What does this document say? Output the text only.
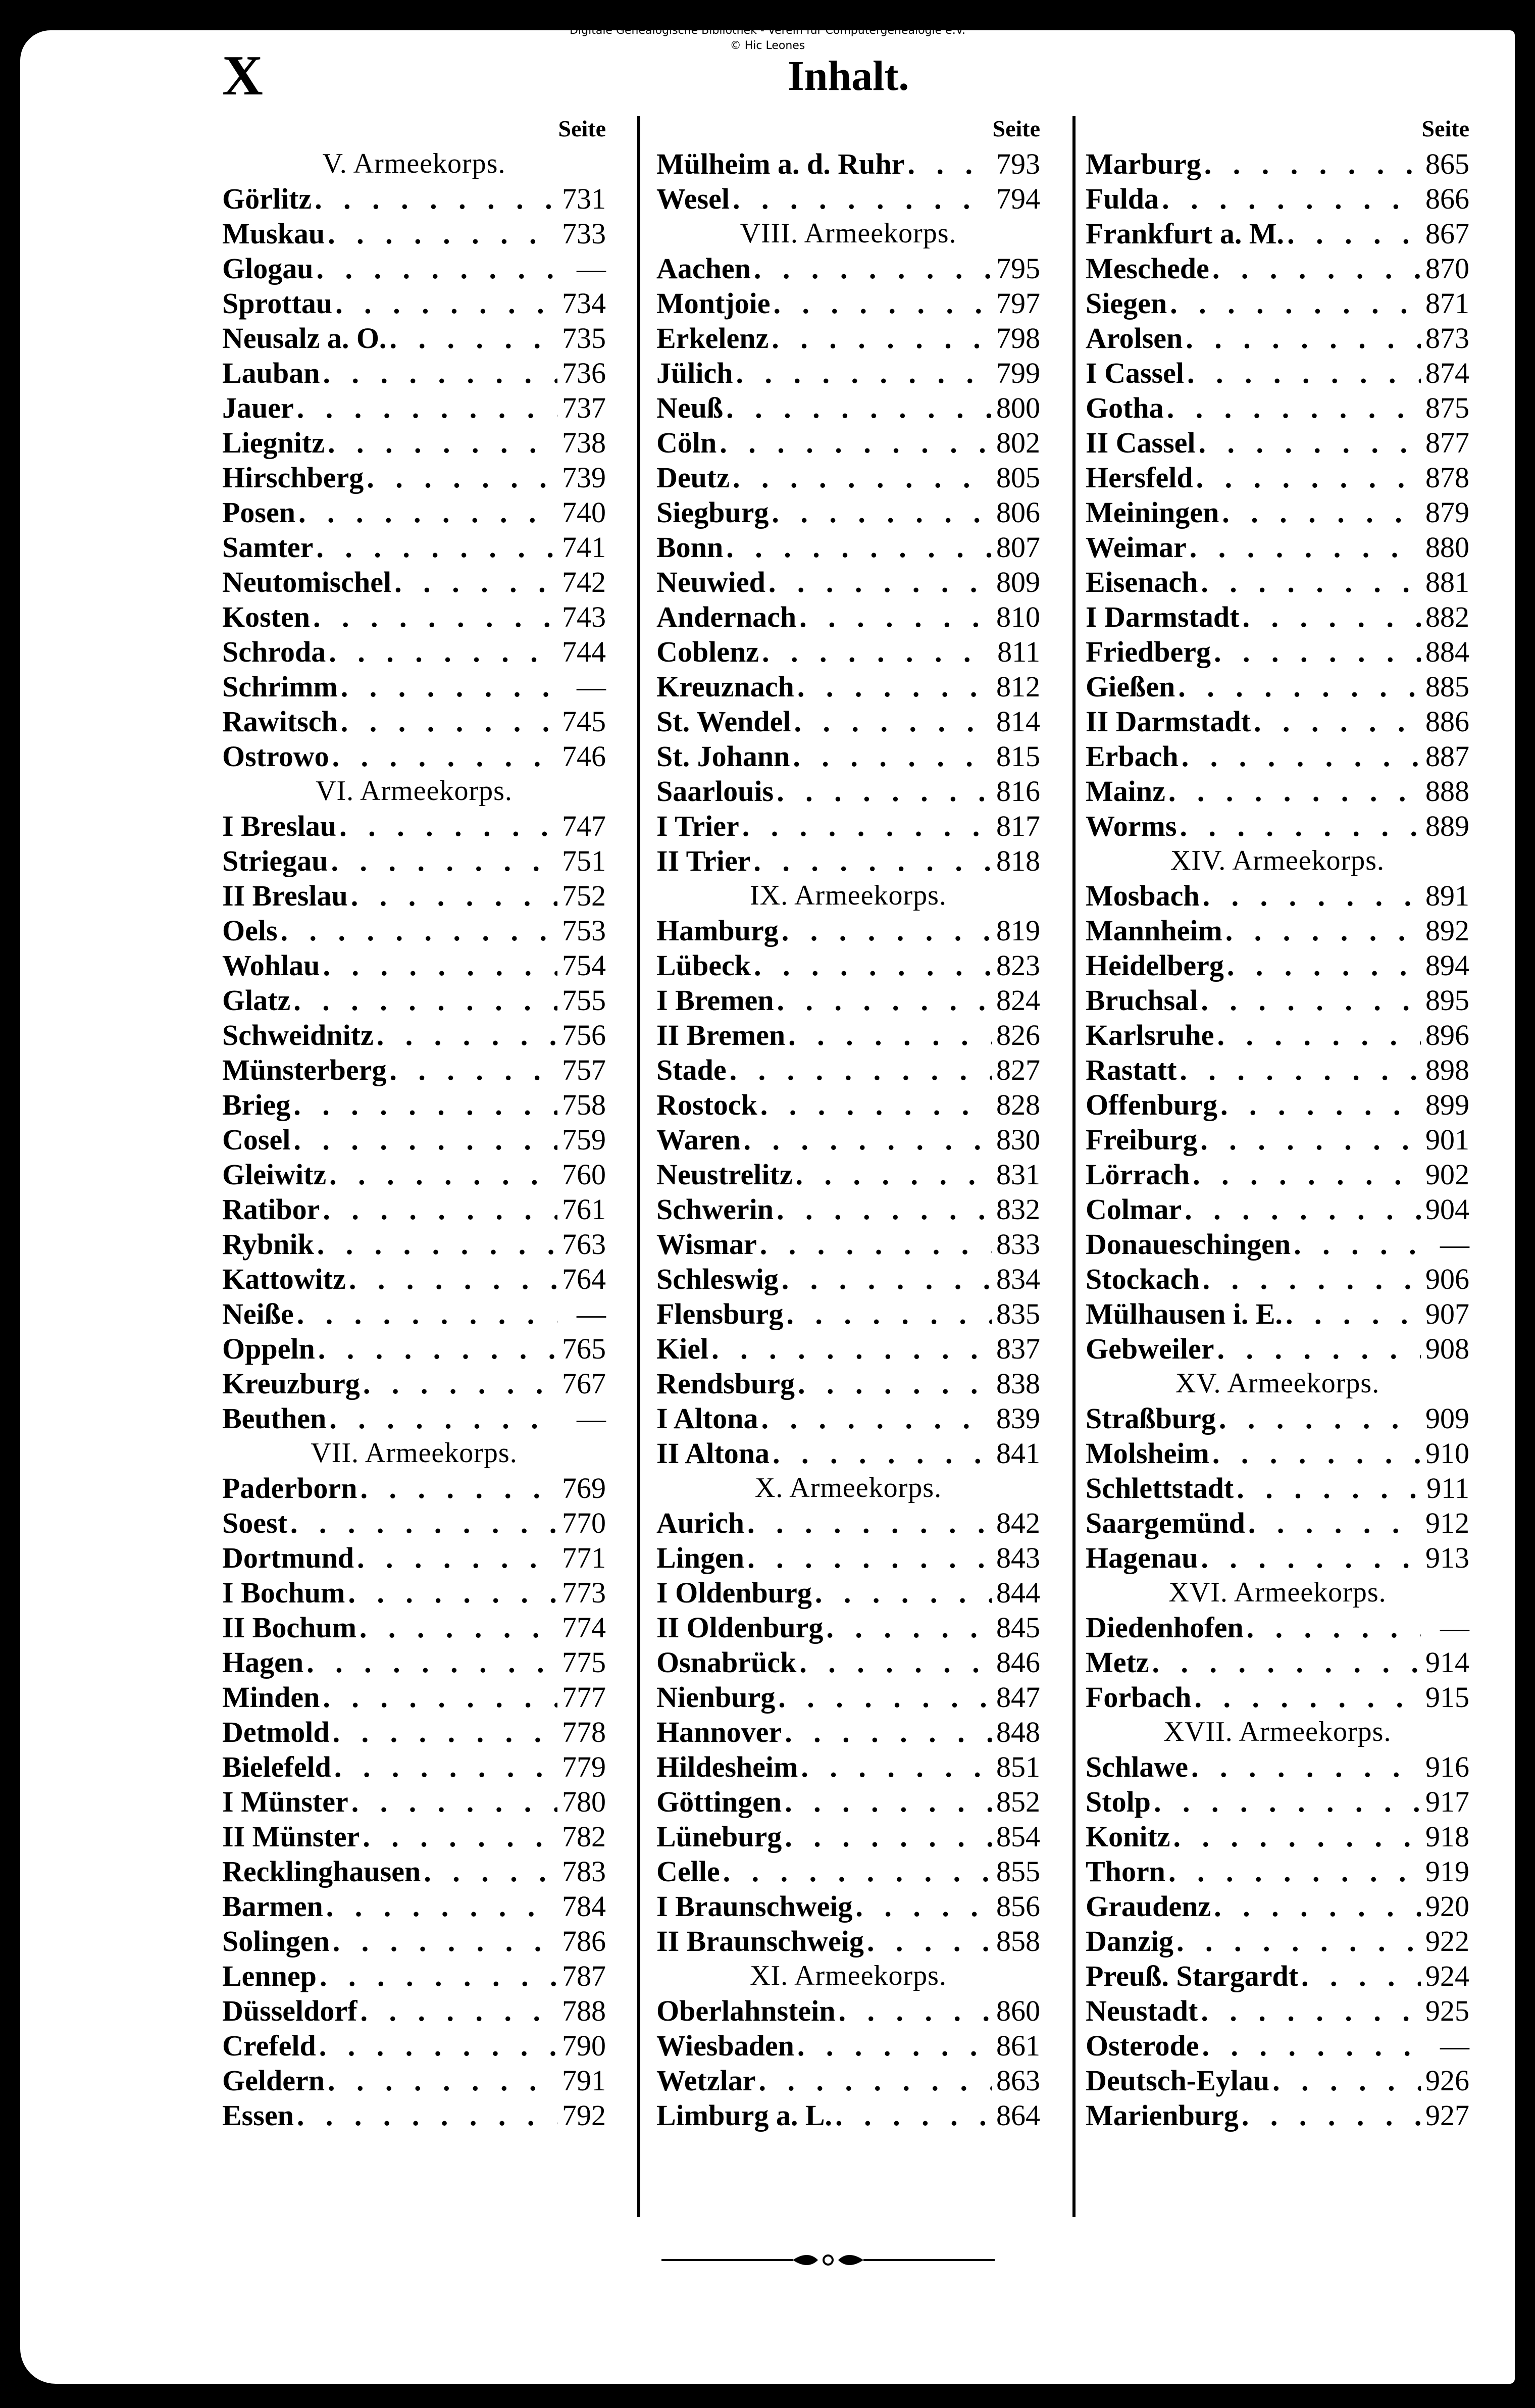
Digitale Genealogische Bibliothek - Verein für Computergenealogie e.V.
© Hic Leones
X	Inhalt.
Seite
V. Armeekorps.
Görlitz . . .	731
Muskau . . .	733
Glogau . . .	—
Sprottau . . .	734
Neusalz a. O. . . .	735
Lauban . . .	736
Jauer . . .	737
Liegnitz . . .	738
Hirschberg . . .	739
Posen . . .	740
Samter . . .	741
Neutomischel . . .	742
Kosten . . .	743
Schroda . . .	744
Schrimm . . .	—
Rawitsch . . .	745
Ostrowo . . .	746
VI. Armeekorps.
I Breslau . . .	747
Striegau . . .	751
II Breslau . . .	752
Oels . . .	753
Wohlau . . .	754
Glatz . . .	755
Schweidnitz . . .	756
Münsterberg . . .	757
Brieg . . .	758
Cosel . . .	759
Gleiwitz . . .	760
Ratibor . . .	761
Rybnik . . .	763
Kattowitz . . .	764
Neiße . . .	—
Oppeln . . .	765
Kreuzburg . . .	767
Beuthen . . .	—
VII. Armeekorps.
Paderborn . . .	769
Soest . . .	770
Dortmund . . .	771
I Bochum . . .	773
II Bochum . . .	774
Hagen . . .	775
Minden . . .	777
Detmold . . .	778
Bielefeld . . .	779
I Münster . . .	780
II Münster . . .	782
Recklinghausen . . .	783
Barmen . . .	784
Solingen . . .	786
Lennep . . .	787
Düsseldorf . . .	788
Crefeld . . .	790
Geldern . . .	791
Essen . . .	792
Seite
Mülheim a. d. Ruhr . . .	793
Wesel . . .	794
VIII. Armeekorps.
Aachen . . .	795
Montjoie . . .	797
Erkelenz . . .	798
Jülich . . .	799
Neuß . . .	800
Cöln . . .	802
Deutz . . .	805
Siegburg . . .	806
Bonn . . .	807
Neuwied . . .	809
Andernach . . .	810
Coblenz . . .	811
Kreuznach . . .	812
St. Wendel . . .	814
St. Johann . . .	815
Saarlouis . . .	816
I Trier . . .	817
II Trier . . .	818
IX. Armeekorps.
Hamburg . . .	819
Lübeck . . .	823
I Bremen . . .	824
II Bremen . . .	826
Stade . . .	827
Rostock . . .	828
Waren . . .	830
Neustrelitz . . .	831
Schwerin . . .	832
Wismar . . .	833
Schleswig . . .	834
Flensburg . . .	835
Kiel . . .	837
Rendsburg . . .	838
I Altona . . .	839
II Altona . . .	841
X. Armeekorps.
Aurich . . .	842
Lingen . . .	843
I Oldenburg . . .	844
II Oldenburg . . .	845
Osnabrück . . .	846
Nienburg . . .	847
Hannover . . .	848
Hildesheim . . .	851
Göttingen . . .	852
Lüneburg . . .	854
Celle . . .	855
I Braunschweig . . .	856
II Braunschweig . . .	858
XI. Armeekorps.
Oberlahnstein . . .	860
Wiesbaden . . .	861
Wetzlar . . .	863
Limburg a. L. . . .	864
Seite
Marburg . . .	865
Fulda . . .	866
Frankfurt a. M. . . .	867
Meschede . . .	870
Siegen . . .	871
Arolsen . . .	873
I Cassel . . .	874
Gotha . . .	875
II Cassel . . .	877
Hersfeld . . .	878
Meiningen . . .	879
Weimar . . .	880
Eisenach . . .	881
I Darmstadt . . .	882
Friedberg . . .	884
Gießen . . .	885
II Darmstadt . . .	886
Erbach . . .	887
Mainz . . .	888
Worms . . .	889
XIV. Armeekorps.
Mosbach . . .	891
Mannheim . . .	892
Heidelberg . . .	894
Bruchsal . . .	895
Karlsruhe . . .	896
Rastatt . . .	898
Offenburg . . .	899
Freiburg . . .	901
Lörrach . . .	902
Colmar . . .	904
Donaueschingen . . .	—
Stockach . . .	906
Mülhausen i. E. . . .	907
Gebweiler . . .	908
XV. Armeekorps.
Straßburg . . .	909
Molsheim . . .	910
Schlettstadt . . .	911
Saargemünd . . .	912
Hagenau . . .	913
XVI. Armeekorps.
Diedenhofen . . .	—
Metz . . .	914
Forbach . . .	915
XVII. Armeekorps.
Schlawe . . .	916
Stolp . . .	917
Konitz . . .	918
Thorn . . .	919
Graudenz . . .	920
Danzig . . .	922
Preuß. Stargardt . . .	924
Neustadt . . .	925
Osterode . . .	—
Deutsch-Eylau . . .	926
Marienburg . . .	927
